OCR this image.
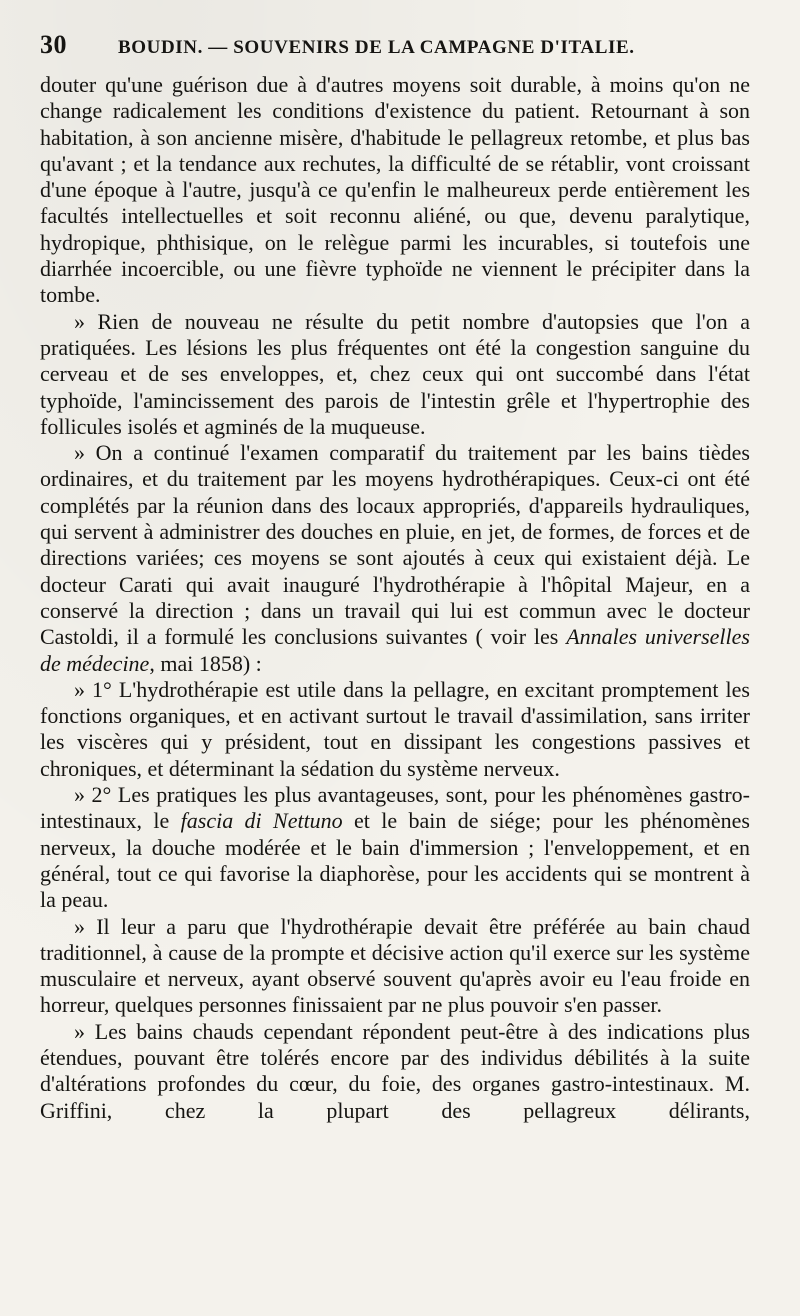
30	BOUDIN. — SOUVENIRS DE LA CAMPAGNE D'ITALIE.

douter qu'une guérison due à d'autres moyens soit durable, à moins qu'on ne change radicalement les conditions d'existence du patient. Retournant à son habitation, à son ancienne misère, d'habitude le pellagreux retombe, et plus bas qu'avant ; et la tendance aux rechutes, la difficulté de se rétablir, vont croissant d'une époque à l'autre, jusqu'à ce qu'enfin le malheureux perde entièrement les facultés intellectuelles et soit reconnu aliéné, ou que, devenu paralytique, hydropique, phthisique, on le relègue parmi les incurables, si toutefois une diarrhée incoercible, ou une fièvre typhoïde ne viennent le précipiter dans la tombe.

» Rien de nouveau ne résulte du petit nombre d'autopsies que l'on a pratiquées. Les lésions les plus fréquentes ont été la congestion sanguine du cerveau et de ses enveloppes, et, chez ceux qui ont succombé dans l'état typhoïde, l'amincissement des parois de l'intestin grêle et l'hypertrophie des follicules isolés et agminés de la muqueuse.

» On a continué l'examen comparatif du traitement par les bains tièdes ordinaires, et du traitement par les moyens hydrothérapiques. Ceux-ci ont été complétés par la réunion dans des locaux appropriés, d'appareils hydrauliques, qui servent à administrer des douches en pluie, en jet, de formes, de forces et de directions variées; ces moyens se sont ajoutés à ceux qui existaient déjà. Le docteur Carati qui avait inauguré l'hydrothérapie à l'hôpital Majeur, en a conservé la direction ; dans un travail qui lui est commun avec le docteur Castoldi, il a formulé les conclusions suivantes ( voir les Annales universelles de médecine, mai 1858) :

» 1° L'hydrothérapie est utile dans la pellagre, en excitant promptement les fonctions organiques, et en activant surtout le travail d'assimilation, sans irriter les viscères qui y président, tout en dissipant les congestions passives et chroniques, et déterminant la sédation du système nerveux.

» 2° Les pratiques les plus avantageuses, sont, pour les phénomènes gastro-intestinaux, le fascia di Nettuno et le bain de siége; pour les phénomènes nerveux, la douche modérée et le bain d'immersion ; l'enveloppement, et en général, tout ce qui favorise la diaphorèse, pour les accidents qui se montrent à la peau.

» Il leur a paru que l'hydrothérapie devait être préférée au bain chaud traditionnel, à cause de la prompte et décisive action qu'il exerce sur les système musculaire et nerveux, ayant observé souvent qu'après avoir eu l'eau froide en horreur, quelques personnes finissaient par ne plus pouvoir s'en passer.

» Les bains chauds cependant répondent peut-être à des indications plus étendues, pouvant être tolérés encore par des individus débilités à la suite d'altérations profondes du cœur, du foie, des organes gastro-intestinaux. M. Griffini, chez la plupart des pellagreux délirants,
